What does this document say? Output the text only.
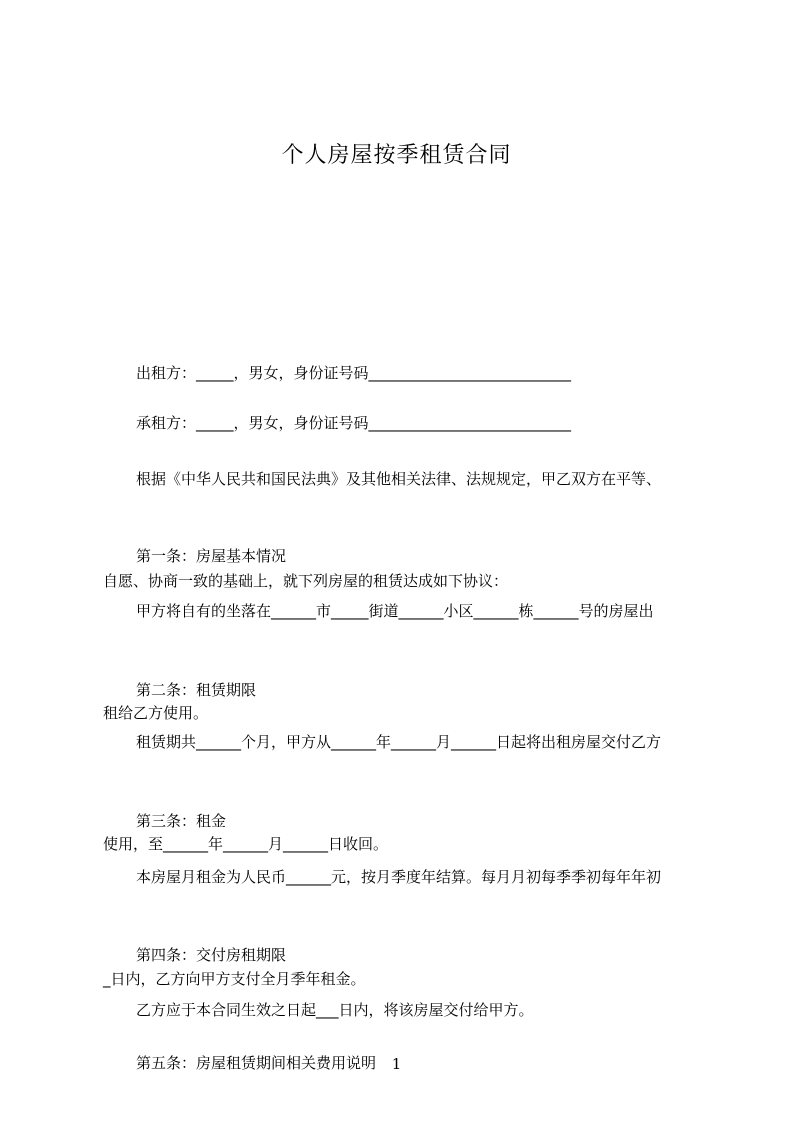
个人房屋按季租赁合同

出租方：_____，男女，身份证号码___________________________

承租方：_____，男女，身份证号码___________________________

根据《中华人民共和国民法典》及其他相关法律、法规规定，甲乙双方在平等、

自愿、协商一致的基础上，就下列房屋的租赁达成如下协议：

第一条：房屋基本情况

甲方将自有的坐落在______市_____街道______小区______栋______号的房屋出

租给乙方使用。

第二条：租赁期限

租赁期共______个月，甲方从______年______月______日起将出租房屋交付乙方

使用，至______年______月______日收回。

第三条：租金

本房屋月租金为人民币______元，按月季度年结算。每月月初每季季初每年年初

_日内，乙方向甲方支付全月季年租金。

第四条：交付房租期限

乙方应于本合同生效之日起___日内，将该房屋交付给甲方。

第五条：房屋租赁期间相关费用说明

	1
